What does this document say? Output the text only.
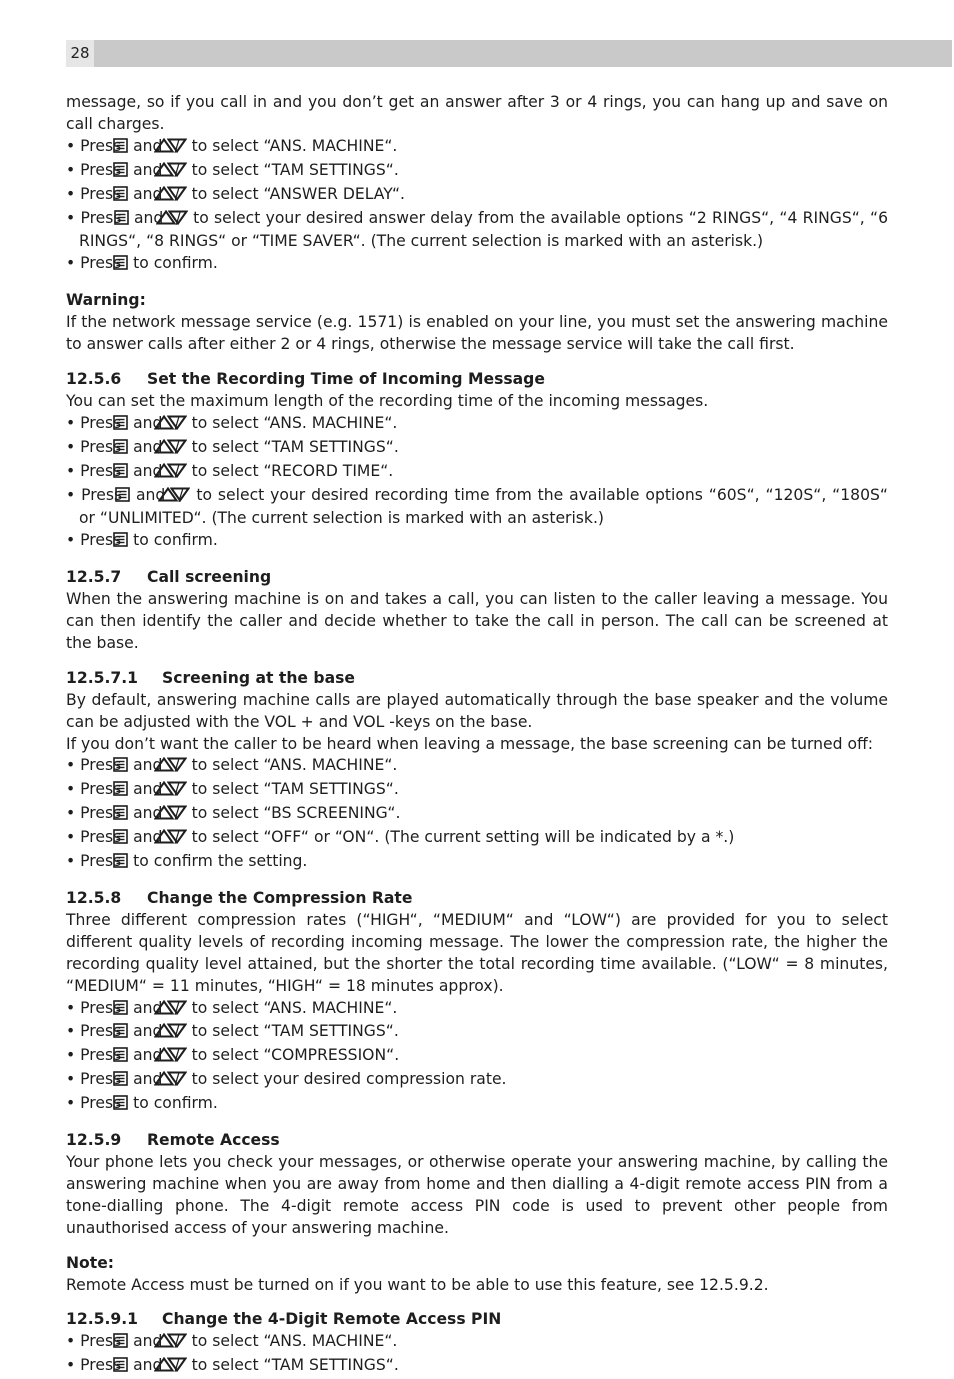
28

message, so if you call in and you don’t get an answer after 3 or 4 rings, you can hang up and save on call charges.

• Press  and / to select “ANS. MACHINE“.

• Press  and / to select “TAM SETTINGS“.

• Press  and / to select “ANSWER DELAY“.

• Press  and / to select your desired answer delay from the available options “2 RINGS“, “4 RINGS“, “6 RINGS“, “8 RINGS“ or “TIME SAVER“. (The current selection is marked with an asterisk.)

• Press  to confirm.

Warning:

If the network message service (e.g. 1571) is enabled on your line, you must set the answering machine to answer calls after either 2 or 4 rings, otherwise the message service will take the call first.

12.5.6 Set the Recording Time of Incoming Message

You can set the maximum length of the recording time of the incoming messages.

• Press  and / to select “ANS. MACHINE“.

• Press  and / to select “TAM SETTINGS“.

• Press  and / to select “RECORD TIME“.

• Press  and / to select your desired recording time from the available options “60S“, “120S“, “180S“ or “UNLIMITED“. (The current selection is marked with an asterisk.)

• Press  to confirm.

12.5.7 Call screening

When the answering machine is on and takes a call, you can listen to the caller leaving a message. You can then identify the caller and decide whether to take the call in person. The call can be screened at the base.

12.5.7.1 Screening at the base

By default, answering machine calls are played automatically through the base speaker and the volume can be adjusted with the VOL + and VOL -keys on the base.

If you don’t want the caller to be heard when leaving a message, the base screening can be turned off:

• Press  and / to select “ANS. MACHINE“.

• Press  and / to select “TAM SETTINGS“.

• Press  and / to select “BS SCREENING“.

• Press  and / to select “OFF“ or “ON“. (The current setting will be indicated by a *.)

• Press  to confirm the setting.

12.5.8 Change the Compression Rate

Three different compression rates (“HIGH“, “MEDIUM“ and “LOW“) are provided for you to select different quality levels of recording incoming message. The lower the compression rate, the higher the recording quality level attained, but the shorter the total recording time available. (“LOW“ = 8 minutes, “MEDIUM“ = 11 minutes, “HIGH“ = 18 minutes approx).

• Press  and / to select “ANS. MACHINE“.

• Press  and / to select “TAM SETTINGS“.

• Press  and / to select “COMPRESSION“.

• Press  and / to select your desired compression rate.

• Press  to confirm.

12.5.9 Remote Access

Your phone lets you check your messages, or otherwise operate your answering machine, by calling the answering machine when you are away from home and then dialling a 4-digit remote access PIN from a tone-dialling phone. The 4-digit remote access PIN code is used to prevent other people from unauthorised access of your answering machine.

Note:

Remote Access must be turned on if you want to be able to use this feature, see 12.5.9.2.

12.5.9.1 Change the 4-Digit Remote Access PIN

• Press  and / to select “ANS. MACHINE“.

• Press  and / to select “TAM SETTINGS“.
